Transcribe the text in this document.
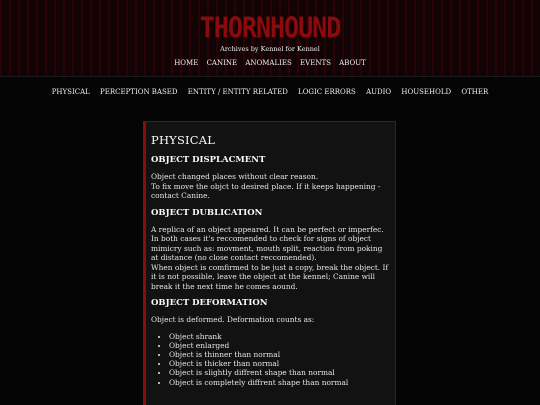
THORNHOUND
Archives by Kennel for Kennel
HOME CANINE ANOMALIES EVENTS ABOUT
PHYSICAL PERCEPTION BASED ENTITY / ENTITY RELATED LOGIC ERRORS AUDIO HOUSEHOLD OTHER
PHYSICAL
OBJECT DISPLACMENT

Object changed places without clear reason.
To fix move the objct to desired place. If it keeps happening - contact Canine.

OBJECT DUBLICATION

A replica of an object appeared. It can be perfect or imperfec. In both cases it's reccomended to check for signs of object mimicry such as: movment, mouth split, reaction from poking at distance (no close contact reccomended).
When object is comfirmed to be just a copy, break the object. If it is not possible, leave the object at the kennel; Canine will break it the next time he comes aound.

OBJECT DEFORMATION

Object is deformed. Deformation counts as:

• Object shrank
• Object enlarged
• Object is thinner than normal
• Object is thicker than normal
• Object is slightly diffrent shape than normal
• Object is completely diffrent shape than normal
